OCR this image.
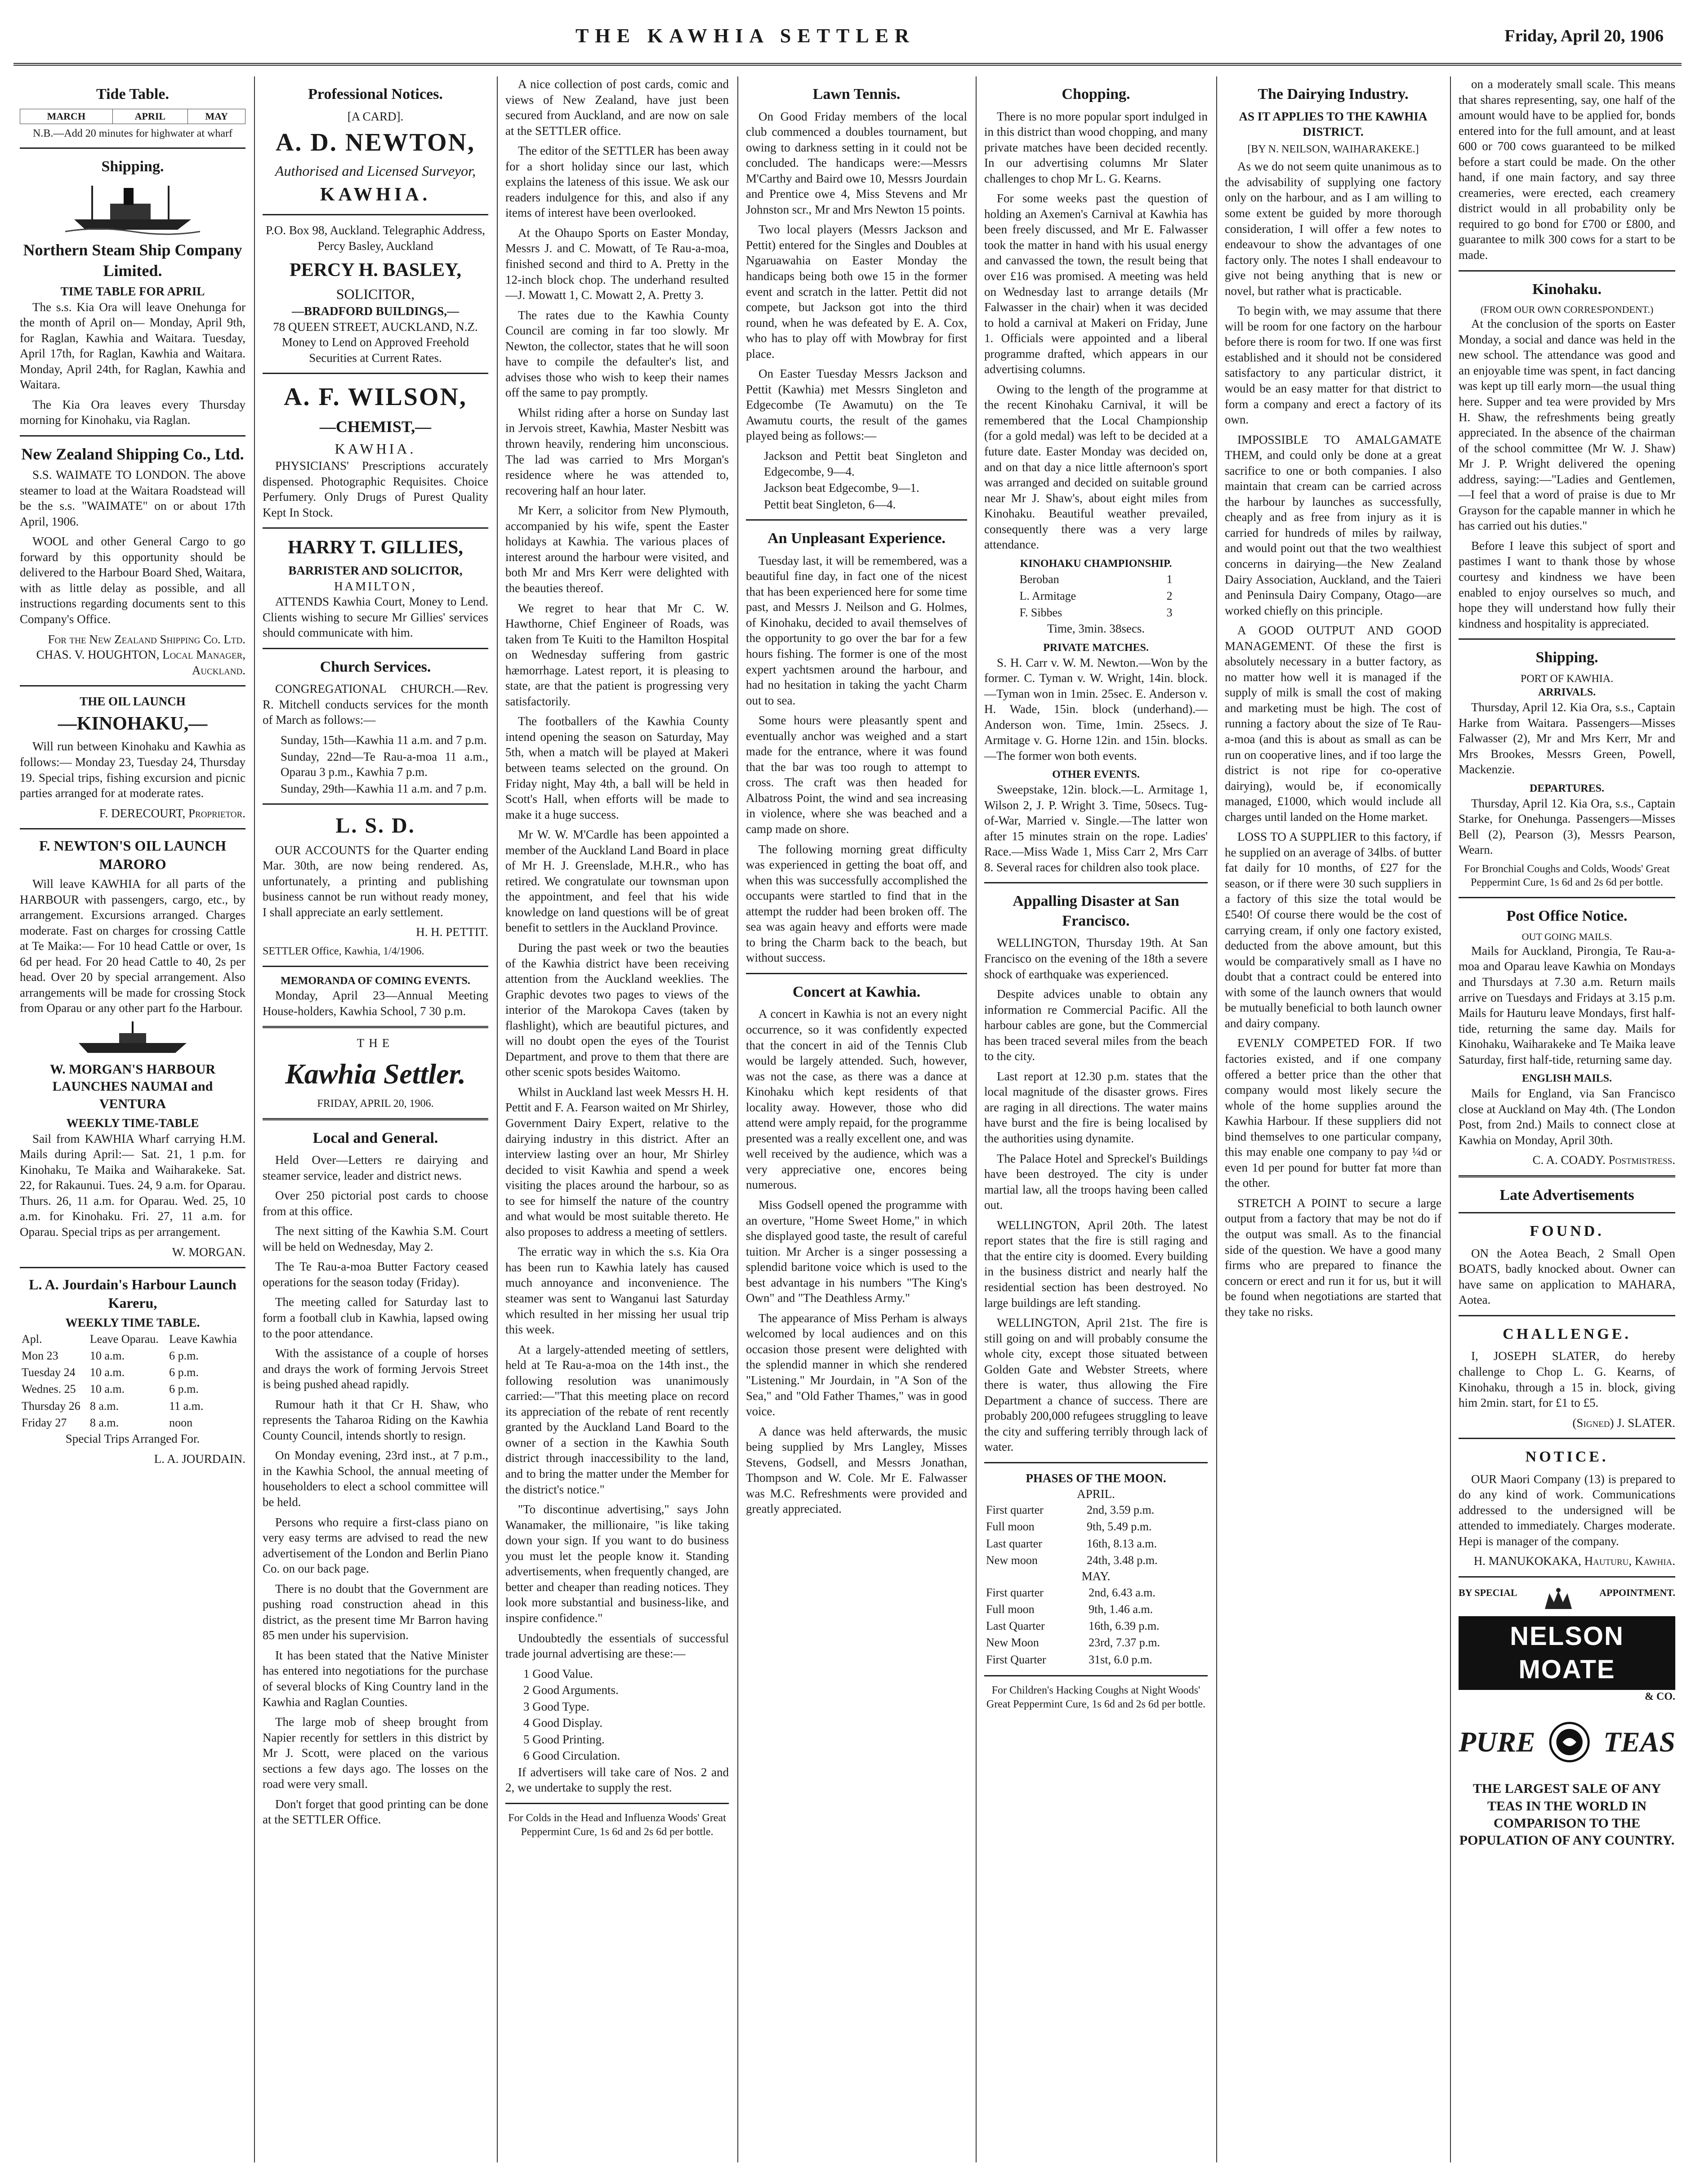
THE KAWHIA SETTLER	Friday, April 20, 1906
Tide Table.
MARCH	APRIL	MAY

N.B.—Add 20 minutes for highwater at wharf

Shipping.
Northern Steam Ship Company Limited.
TIME TABLE FOR APRIL

The s.s. Kia Ora will leave Onehunga for the month of April on— Monday, April 9th, for Raglan, Kawhia and Waitara. Tuesday, April 17th, for Raglan, Kawhia and Waitara. Monday, April 24th, for Raglan, Kawhia and Waitara.

The Kia Ora leaves every Thursday morning for Kinohaku, via Raglan.

New Zealand Shipping Co., Ltd.

S.S. WAIMATE TO LONDON. The above steamer to load at the Waitara Roadstead will be the s.s. "WAIMATE" on or about 17th April, 1906.

WOOL and other General Cargo to go forward by this opportunity should be delivered to the Harbour Board Shed, Waitara, with as little delay as possible, and all instructions regarding documents sent to this Company's Office.

For the New Zealand Shipping Co. Ltd. CHAS. V. HOUGHTON, Local Manager, Auckland.

THE OIL LAUNCH
—KINOHAKU,—

Will run between Kinohaku and Kawhia as follows:— Monday 23, Tuesday 24, Thursday 19. Special trips, fishing excursion and picnic parties arranged for at moderate rates.

F. DERECOURT, Proprietor.

F. NEWTON'S OIL LAUNCH MARORO

Will leave KAWHIA for all parts of the HARBOUR with passengers, cargo, etc., by arrangement. Excursions arranged. Charges moderate. Fast on charges for crossing Cattle at Te Maika:— For 10 head Cattle or over, 1s 6d per head. For 20 head Cattle to 40, 2s per head. Over 20 by special arrangement. Also arrangements will be made for crossing Stock from Oparau or any other part fo the Harbour.

W. MORGAN'S HARBOUR LAUNCHES NAUMAI and VENTURA
WEEKLY TIME-TABLE

Sail from KAWHIA Wharf carrying H.M. Mails during April:— Sat. 21, 1 p.m. for Kinohaku, Te Maika and Waiharakeke. Sat. 22, for Rakaunui. Tues. 24, 9 a.m. for Oparau. Thurs. 26, 11 a.m. for Oparau. Wed. 25, 10 a.m. for Kinohaku. Fri. 27, 11 a.m. for Oparau. Special trips as per arrangement.

W. MORGAN.

L. A. Jourdain's Harbour Launch Kareru,
WEEKLY TIME TABLE.
Apl.	Leave Oparau.	Leave Kawhia
Mon 23	10 a.m.	6 p.m.
Tuesday 24	10 a.m.	6 p.m.
Wednes. 25	10 a.m.	6 p.m.
Thursday 26	8 a.m.	11 a.m.
Friday 27	8 a.m.	noon

Special Trips Arranged For.

L. A. JOURDAIN.

Professional Notices.
[A CARD].
A. D. NEWTON,
Authorised and Licensed Surveyor,
KAWHIA.

P.O. Box 98, Auckland. Telegraphic Address, Percy Basley, Auckland

PERCY H. BASLEY,
SOLICITOR,
—BRADFORD BUILDINGS,—
78 QUEEN STREET, AUCKLAND, N.Z.

Money to Lend on Approved Freehold Securities at Current Rates.

A. F. WILSON,
—CHEMIST,—
KAWHIA.

PHYSICIANS' Prescriptions accurately dispensed. Photographic Requisites. Choice Perfumery. Only Drugs of Purest Quality Kept In Stock.

HARRY T. GILLIES,
BARRISTER AND SOLICITOR,
HAMILTON,

ATTENDS Kawhia Court, Money to Lend. Clients wishing to secure Mr Gillies' services should communicate with him.

Church Services.

CONGREGATIONAL CHURCH.—Rev. R. Mitchell conducts services for the month of March as follows:—

Sunday, 15th—Kawhia 11 a.m. and 7 p.m.
Sunday, 22nd—Te Rau-a-moa 11 a.m., Oparau 3 p.m., Kawhia 7 p.m.
Sunday, 29th—Kawhia 11 a.m. and 7 p.m.
L. S. D.

OUR ACCOUNTS for the Quarter ending Mar. 30th, are now being rendered. As, unfortunately, a printing and publishing business cannot be run without ready money, I shall appreciate an early settlement.

H. H. PETTIT.

SETTLER Office, Kawhia, 1/4/1906.

MEMORANDA OF COMING EVENTS.

Monday, April 23—Annual Meeting House-holders, Kawhia School, 7 30 p.m.

THE
Kawhia Settler.
FRIDAY, APRIL 20, 1906.
Local and General.

Held Over—Letters re dairying and steamer service, leader and district news.

Over 250 pictorial post cards to choose from at this office.

The next sitting of the Kawhia S.M. Court will be held on Wednesday, May 2.

The Te Rau-a-moa Butter Factory ceased operations for the season today (Friday).

The meeting called for Saturday last to form a football club in Kawhia, lapsed owing to the poor attendance.

With the assistance of a couple of horses and drays the work of forming Jervois Street is being pushed ahead rapidly.

Rumour hath it that Cr H. Shaw, who represents the Taharoa Riding on the Kawhia County Council, intends shortly to resign.

On Monday evening, 23rd inst., at 7 p.m., in the Kawhia School, the annual meeting of householders to elect a school committee will be held.

Persons who require a first-class piano on very easy terms are advised to read the new advertisement of the London and Berlin Piano Co. on our back page.

There is no doubt that the Government are pushing road construction ahead in this district, as the present time Mr Barron having 85 men under his supervision.

It has been stated that the Native Minister has entered into negotiations for the purchase of several blocks of King Country land in the Kawhia and Raglan Counties.

The large mob of sheep brought from Napier recently for settlers in this district by Mr J. Scott, were placed on the various sections a few days ago. The losses on the road were very small.

Don't forget that good printing can be done at the SETTLER Office.

A nice collection of post cards, comic and views of New Zealand, have just been secured from Auckland, and are now on sale at the SETTLER office.

The editor of the SETTLER has been away for a short holiday since our last, which explains the lateness of this issue. We ask our readers indulgence for this, and also if any items of interest have been overlooked.

At the Ohaupo Sports on Easter Monday, Messrs J. and C. Mowatt, of Te Rau-a-moa, finished second and third to A. Pretty in the 12-inch block chop. The underhand resulted—J. Mowatt 1, C. Mowatt 2, A. Pretty 3.

The rates due to the Kawhia County Council are coming in far too slowly. Mr Newton, the collector, states that he will soon have to compile the defaulter's list, and advises those who wish to keep their names off the same to pay promptly.

Whilst riding after a horse on Sunday last in Jervois street, Kawhia, Master Nesbitt was thrown heavily, rendering him unconscious. The lad was carried to Mrs Morgan's residence where he was attended to, recovering half an hour later.

Mr Kerr, a solicitor from New Plymouth, accompanied by his wife, spent the Easter holidays at Kawhia. The various places of interest around the harbour were visited, and both Mr and Mrs Kerr were delighted with the beauties thereof.

We regret to hear that Mr C. W. Hawthorne, Chief Engineer of Roads, was taken from Te Kuiti to the Hamilton Hospital on Wednesday suffering from gastric hæmorrhage. Latest report, it is pleasing to state, are that the patient is progressing very satisfactorily.

The footballers of the Kawhia County intend opening the season on Saturday, May 5th, when a match will be played at Makeri between teams selected on the ground. On Friday night, May 4th, a ball will be held in Scott's Hall, when efforts will be made to make it a huge success.

Mr W. W. M'Cardle has been appointed a member of the Auckland Land Board in place of Mr H. J. Greenslade, M.H.R., who has retired. We congratulate our townsman upon the appointment, and feel that his wide knowledge on land questions will be of great benefit to settlers in the Auckland Province.

During the past week or two the beauties of the Kawhia district have been receiving attention from the Auckland weeklies. The Graphic devotes two pages to views of the interior of the Marokopa Caves (taken by flashlight), which are beautiful pictures, and will no doubt open the eyes of the Tourist Department, and prove to them that there are other scenic spots besides Waitomo.

Whilst in Auckland last week Messrs H. H. Pettit and F. A. Fearson waited on Mr Shirley, Government Dairy Expert, relative to the dairying industry in this district. After an interview lasting over an hour, Mr Shirley decided to visit Kawhia and spend a week visiting the places around the harbour, so as to see for himself the nature of the country and what would be most suitable thereto. He also proposes to address a meeting of settlers.

The erratic way in which the s.s. Kia Ora has been run to Kawhia lately has caused much annoyance and inconvenience. The steamer was sent to Wanganui last Saturday which resulted in her missing her usual trip this week.

At a largely-attended meeting of settlers, held at Te Rau-a-moa on the 14th inst., the following resolution was unanimously carried:—"That this meeting place on record its appreciation of the rebate of rent recently granted by the Auckland Land Board to the owner of a section in the Kawhia South district through inaccessibility to the land, and to bring the matter under the Member for the district's notice."

"To discontinue advertising," says John Wanamaker, the millionaire, "is like taking down your sign. If you want to do business you must let the people know it. Standing advertisements, when frequently changed, are better and cheaper than reading notices. They look more substantial and business-like, and inspire confidence."

Undoubtedly the essentials of successful trade journal advertising are these:—

1 Good Value.
2 Good Arguments.
3 Good Type.
4 Good Display.
5 Good Printing.
6 Good Circulation.

If advertisers will take care of Nos. 2 and 2, we undertake to supply the rest.

For Colds in the Head and Influenza Woods' Great Peppermint Cure, 1s 6d and 2s 6d per bottle.

Lawn Tennis.

On Good Friday members of the local club commenced a doubles tournament, but owing to darkness setting in it could not be concluded. The handicaps were:—Messrs M'Carthy and Baird owe 10, Messrs Jourdain and Prentice owe 4, Miss Stevens and Mr Johnston scr., Mr and Mrs Newton 15 points.

Two local players (Messrs Jackson and Pettit) entered for the Singles and Doubles at Ngaruawahia on Easter Monday the handicaps being both owe 15 in the former event and scratch in the latter. Pettit did not compete, but Jackson got into the third round, when he was defeated by E. A. Cox, who has to play off with Mowbray for first place.

On Easter Tuesday Messrs Jackson and Pettit (Kawhia) met Messrs Singleton and Edgecombe (Te Awamutu) on the Te Awamutu courts, the result of the games played being as follows:—

Jackson and Pettit beat Singleton and Edgecombe, 9—4.
Jackson beat Edgecombe, 9—1.
Pettit beat Singleton, 6—4.
An Unpleasant Experience.

Tuesday last, it will be remembered, was a beautiful fine day, in fact one of the nicest that has been experienced here for some time past, and Messrs J. Neilson and G. Holmes, of Kinohaku, decided to avail themselves of the opportunity to go over the bar for a few hours fishing. The former is one of the most expert yachtsmen around the harbour, and had no hesitation in taking the yacht Charm out to sea.

Some hours were pleasantly spent and eventually anchor was weighed and a start made for the entrance, where it was found that the bar was too rough to attempt to cross. The craft was then headed for Albatross Point, the wind and sea increasing in violence, where she was beached and a camp made on shore.

The following morning great difficulty was experienced in getting the boat off, and when this was successfully accomplished the occupants were startled to find that in the attempt the rudder had been broken off. The sea was again heavy and efforts were made to bring the Charm back to the beach, but without success.

Concert at Kawhia.

A concert in Kawhia is not an every night occurrence, so it was confidently expected that the concert in aid of the Tennis Club would be largely attended. Such, however, was not the case, as there was a dance at Kinohaku which kept residents of that locality away. However, those who did attend were amply repaid, for the programme presented was a really excellent one, and was well received by the audience, which was a very appreciative one, encores being numerous.

Miss Godsell opened the programme with an overture, "Home Sweet Home," in which she displayed good taste, the result of careful tuition. Mr Archer is a singer possessing a splendid baritone voice which is used to the best advantage in his numbers "The King's Own" and "The Deathless Army."

The appearance of Miss Perham is always welcomed by local audiences and on this occasion those present were delighted with the splendid manner in which she rendered "Listening." Mr Jourdain, in "A Son of the Sea," and "Old Father Thames," was in good voice.

A dance was held afterwards, the music being supplied by Mrs Langley, Misses Stevens, Godsell, and Messrs Jonathan, Thompson and W. Cole. Mr E. Falwasser was M.C. Refreshments were provided and greatly appreciated.

Chopping.

There is no more popular sport indulged in in this district than wood chopping, and many private matches have been decided recently. In our advertising columns Mr Slater challenges to chop Mr L. G. Kearns.

For some weeks past the question of holding an Axemen's Carnival at Kawhia has been freely discussed, and Mr E. Falwasser took the matter in hand with his usual energy and canvassed the town, the result being that over £16 was promised. A meeting was held on Wednesday last to arrange details (Mr Falwasser in the chair) when it was decided to hold a carnival at Makeri on Friday, June 1. Officials were appointed and a liberal programme drafted, which appears in our advertising columns.

Owing to the length of the programme at the recent Kinohaku Carnival, it will be remembered that the Local Championship (for a gold medal) was left to be decided at a future date. Easter Monday was decided on, and on that day a nice little afternoon's sport was arranged and decided on suitable ground near Mr J. Shaw's, about eight miles from Kinohaku. Beautiful weather prevailed, consequently there was a very large attendance.

KINOHAKU CHAMPIONSHIP.
Beroban	1
L. Armitage	2
F. Sibbes	3

Time, 3min. 38secs.

PRIVATE MATCHES.

S. H. Carr v. W. M. Newton.—Won by the former. C. Tyman v. W. Wright, 14in. block.—Tyman won in 1min. 25sec. E. Anderson v. H. Wade, 15in. block (underhand).—Anderson won. Time, 1min. 25secs. J. Armitage v. G. Horne 12in. and 15in. blocks.—The former won both events.

OTHER EVENTS.

Sweepstake, 12in. block.—L. Armitage 1, Wilson 2, J. P. Wright 3. Time, 50secs. Tug-of-War, Married v. Single.—The latter won after 15 minutes strain on the rope. Ladies' Race.—Miss Wade 1, Miss Carr 2, Mrs Carr 8. Several races for children also took place.

Appalling Disaster at San Francisco.

WELLINGTON, Thursday 19th. At San Francisco on the evening of the 18th a severe shock of earthquake was experienced.

Despite advices unable to obtain any information re Commercial Pacific. All the harbour cables are gone, but the Commercial has been traced several miles from the beach to the city.

Last report at 12.30 p.m. states that the local magnitude of the disaster grows. Fires are raging in all directions. The water mains have burst and the fire is being localised by the authorities using dynamite.

The Palace Hotel and Spreckel's Buildings have been destroyed. The city is under martial law, all the troops having been called out.

WELLINGTON, April 20th. The latest report states that the fire is still raging and that the entire city is doomed. Every building in the business district and nearly half the residential section has been destroyed. No large buildings are left standing.

WELLINGTON, April 21st. The fire is still going on and will probably consume the whole city, except those situated between Golden Gate and Webster Streets, where there is water, thus allowing the Fire Department a chance of success. There are probably 200,000 refugees struggling to leave the city and suffering terribly through lack of water.

PHASES OF THE MOON.
APRIL.
First quarter	2nd, 3.59 p.m.
Full moon	9th, 5.49 p.m.
Last quarter	16th, 8.13 a.m.
New moon	24th, 3.48 p.m.
MAY.
First quarter	2nd, 6.43 a.m.
Full moon	9th, 1.46 a.m.
Last Quarter	16th, 6.39 p.m.
New Moon	23rd, 7.37 p.m.
First Quarter	31st, 6.0 p.m.

For Children's Hacking Coughs at Night Woods' Great Peppermint Cure, 1s 6d and 2s 6d per bottle.

The Dairying Industry.
AS IT APPLIES TO THE KAWHIA DISTRICT.
[BY N. NEILSON, WAIHARAKEKE.]

As we do not seem quite unanimous as to the advisability of supplying one factory only on the harbour, and as I am willing to some extent be guided by more thorough consideration, I will offer a few notes to endeavour to show the advantages of one factory only. The notes I shall endeavour to give not being anything that is new or novel, but rather what is practicable.

To begin with, we may assume that there will be room for one factory on the harbour before there is room for two. If one was first established and it should not be considered satisfactory to any particular district, it would be an easy matter for that district to form a company and erect a factory of its own.

IMPOSSIBLE TO AMALGAMATE THEM, and could only be done at a great sacrifice to one or both companies. I also maintain that cream can be carried across the harbour by launches as successfully, cheaply and as free from injury as it is carried for hundreds of miles by railway, and would point out that the two wealthiest concerns in dairying—the New Zealand Dairy Association, Auckland, and the Taieri and Peninsula Dairy Company, Otago—are worked chiefly on this principle.

A GOOD OUTPUT AND GOOD MANAGEMENT. Of these the first is absolutely necessary in a butter factory, as no matter how well it is managed if the supply of milk is small the cost of making and marketing must be high. The cost of running a factory about the size of Te Rau-a-moa (and this is about as small as can be run on cooperative lines, and if too large the district is not ripe for co-operative dairying), would be, if economically managed, £1000, which would include all charges until landed on the Home market.

LOSS TO A SUPPLIER to this factory, if he supplied on an average of 34lbs. of butter fat daily for 10 months, of £27 for the season, or if there were 30 such suppliers in a factory of this size the total would be £540! Of course there would be the cost of carrying cream, if only one factory existed, deducted from the above amount, but this would be comparatively small as I have no doubt that a contract could be entered into with some of the launch owners that would be mutually beneficial to both launch owner and dairy company.

EVENLY COMPETED FOR. If two factories existed, and if one company offered a better price than the other that company would most likely secure the whole of the home supplies around the Kawhia Harbour. If these suppliers did not bind themselves to one particular company, this may enable one company to pay ¼d or even 1d per pound for butter fat more than the other.

STRETCH A POINT to secure a large output from a factory that may be not do if the output was small. As to the financial side of the question. We have a good many firms who are prepared to finance the concern or erect and run it for us, but it will be found when negotiations are started that they take no risks.

on a moderately small scale. This means that shares representing, say, one half of the amount would have to be applied for, bonds entered into for the full amount, and at least 600 or 700 cows guaranteed to be milked before a start could be made. On the other hand, if one main factory, and say three creameries, were erected, each creamery district would in all probability only be required to go bond for £700 or £800, and guarantee to milk 300 cows for a start to be made.

Kinohaku.
(FROM OUR OWN CORRESPONDENT.)

At the conclusion of the sports on Easter Monday, a social and dance was held in the new school. The attendance was good and an enjoyable time was spent, in fact dancing was kept up till early morn—the usual thing here. Supper and tea were provided by Mrs H. Shaw, the refreshments being greatly appreciated. In the absence of the chairman of the school committee (Mr W. J. Shaw) Mr J. P. Wright delivered the opening address, saying:—"Ladies and Gentlemen,—I feel that a word of praise is due to Mr Grayson for the capable manner in which he has carried out his duties."

Before I leave this subject of sport and pastimes I want to thank those by whose courtesy and kindness we have been enabled to enjoy ourselves so much, and hope they will understand how fully their kindness and hospitality is appreciated.

Shipping.
PORT OF KAWHIA.
ARRIVALS.

Thursday, April 12. Kia Ora, s.s., Captain Harke from Waitara. Passengers—Misses Falwasser (2), Mr and Mrs Kerr, Mr and Mrs Brookes, Messrs Green, Powell, Mackenzie.

DEPARTURES.

Thursday, April 12. Kia Ora, s.s., Captain Starke, for Onehunga. Passengers—Misses Bell (2), Pearson (3), Messrs Pearson, Wearn.

For Bronchial Coughs and Colds, Woods' Great Peppermint Cure, 1s 6d and 2s 6d per bottle.

Post Office Notice.
OUT GOING MAILS.

Mails for Auckland, Pirongia, Te Rau-a-moa and Oparau leave Kawhia on Mondays and Thursdays at 7.30 a.m. Return mails arrive on Tuesdays and Fridays at 3.15 p.m. Mails for Hauturu leave Mondays, first half-tide, returning the same day. Mails for Kinohaku, Waiharakeke and Te Maika leave Saturday, first half-tide, returning same day.

ENGLISH MAILS.

Mails for England, via San Francisco close at Auckland on May 4th. (The London Post, from 2nd.) Mails to connect close at Kawhia on Monday, April 30th.

C. A. COADY. Postmistress.

Late Advertisements
FOUND.

ON the Aotea Beach, 2 Small Open BOATS, badly knocked about. Owner can have same on application to MAHARA, Aotea.

CHALLENGE.

I, JOSEPH SLATER, do hereby challenge to Chop L. G. Kearns, of Kinohaku, through a 15 in. block, giving him 2min. start, for £1 to £5.

(Signed) J. SLATER.

NOTICE.

OUR Maori Company (13) is prepared to do any kind of work. Communications addressed to the undersigned will be attended to immediately. Charges moderate. Hepi is manager of the company.

H. MANUKOKAKA, Hauturu, Kawhia.

BY SPECIAL	APPOINTMENT.
NELSON MOATE
& CO.
PURE TEAS
THE LARGEST SALE OF ANY TEAS IN THE WORLD IN COMPARISON TO THE POPULATION OF ANY COUNTRY.
